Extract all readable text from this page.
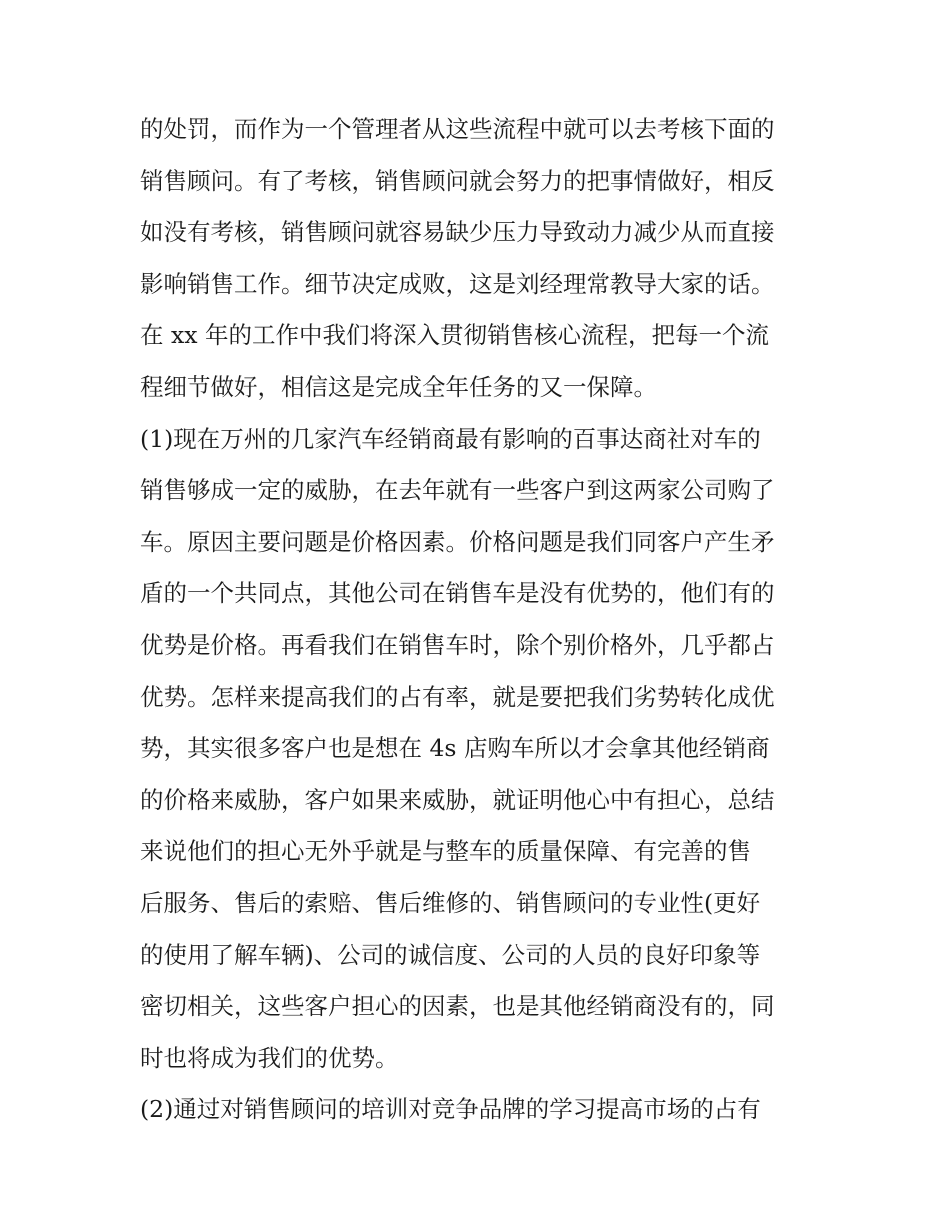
的处罚，而作为一个管理者从这些流程中就可以去考核下面的
销售顾问。有了考核，销售顾问就会努力的把事情做好，相反
如没有考核，销售顾问就容易缺少压力导致动力减少从而直接
影响销售工作。细节决定成败，这是刘经理常教导大家的话。
在 xx 年的工作中我们将深入贯彻销售核心流程，把每一个流
程细节做好，相信这是完成全年任务的又一保障。
(1)现在万州的几家汽车经销商最有影响的百事达商社对车的
销售够成一定的威胁，在去年就有一些客户到这两家公司购了
车。原因主要问题是价格因素。价格问题是我们同客户产生矛
盾的一个共同点，其他公司在销售车是没有优势的，他们有的
优势是价格。再看我们在销售车时，除个别价格外，几乎都占
优势。怎样来提高我们的占有率，就是要把我们劣势转化成优
势，其实很多客户也是想在 4s 店购车所以才会拿其他经销商
的价格来威胁，客户如果来威胁，就证明他心中有担心，总结
来说他们的担心无外乎就是与整车的质量保障、有完善的售
后服务、售后的索赔、售后维修的、销售顾问的专业性(更好
的使用了解车辆)、公司的诚信度、公司的人员的良好印象等
密切相关，这些客户担心的因素，也是其他经销商没有的，同
时也将成为我们的优势。
(2)通过对销售顾问的培训对竞争品牌的学习提高市场的占有
